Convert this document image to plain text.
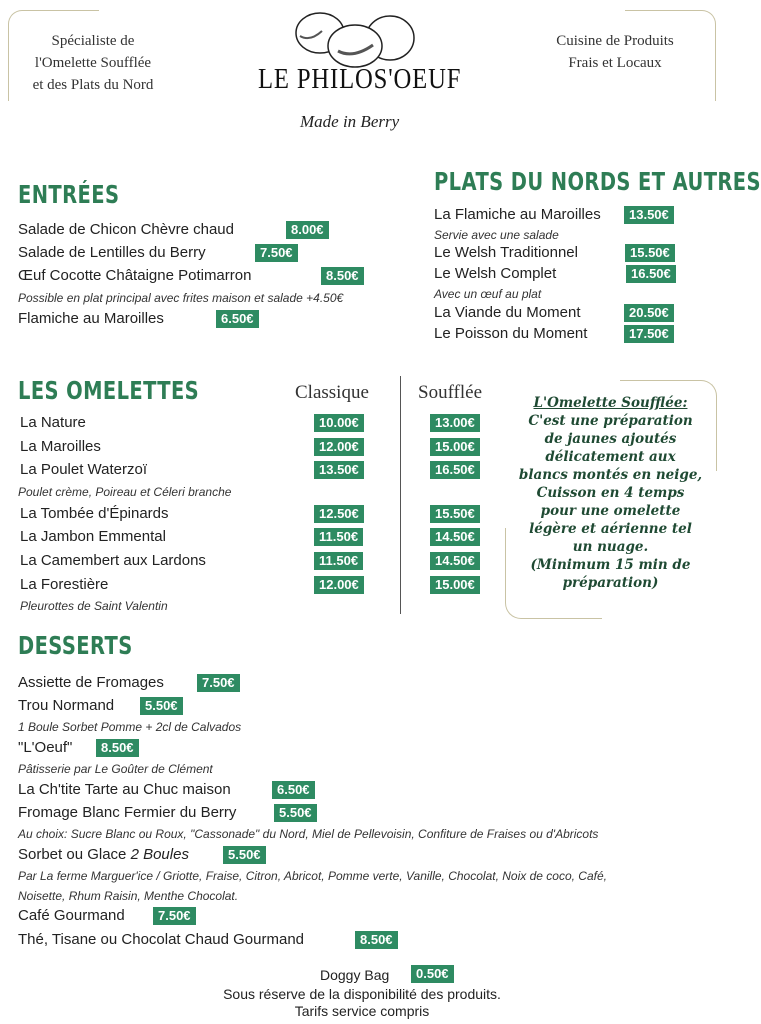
Spécialiste de
l'Omelette Soufflée
et des Plats du Nord
Cuisine de Produits
Frais et Locaux
LE PHILOS'OEUF
Made in Berry
ENTRÉES
Salade de Chicon Chèvre chaud	8.00€
Salade de Lentilles du Berry	7.50€
Œuf Cocotte Châtaigne Potimarron	8.50€
Possible en plat principal avec frites maison et salade +4.50€
Flamiche au Maroilles	6.50€
PLATS DU NORDS ET AUTRES
La Flamiche au Maroilles	13.50€
Servie avec une salade
Le Welsh Traditionnel	15.50€
Le Welsh Complet	16.50€
Avec un œuf au plat
La Viande du Moment	20.50€
Le Poisson du Moment	17.50€
LES OMELETTES	Classique	Soufflée
La Nature	10.00€	13.00€
La Maroilles	12.00€	15.00€
La Poulet Waterzoï	13.50€	16.50€
Poulet crème, Poireau et Céleri branche
La Tombée d'Épinards	12.50€	15.50€
La Jambon Emmental	11.50€	14.50€
La Camembert aux Lardons	11.50€	14.50€
La Forestière	12.00€	15.00€
Pleurottes de Saint Valentin
L'Omelette Soufflée:
C'est une préparation
de jaunes ajoutés
délicatement aux
blancs montés en neige,
Cuisson en 4 temps
pour une omelette
légère et aérienne tel
un nuage.
(Minimum 15 min de
préparation)
DESSERTS
Assiette de Fromages	7.50€
Trou Normand	5.50€
1 Boule Sorbet Pomme + 2cl de Calvados
"L'Oeuf"	8.50€
Pâtisserie par Le Goûter de Clément
La Ch'tite Tarte au Chuc maison	6.50€
Fromage Blanc Fermier du Berry	5.50€
Au choix: Sucre Blanc ou Roux, "Cassonade" du Nord, Miel de Pellevoisin, Confiture de Fraises ou d'Abricots
Sorbet ou Glace 2 Boules	5.50€
Par La ferme Marguer'ice / Griotte, Fraise, Citron, Abricot, Pomme verte, Vanille, Chocolat, Noix de coco, Café,
Noisette, Rhum Raisin, Menthe Chocolat.
Café Gourmand	7.50€
Thé, Tisane ou Chocolat Chaud Gourmand	8.50€
Doggy Bag	0.50€
Sous réserve de la disponibilité des produits.
Tarifs service compris
